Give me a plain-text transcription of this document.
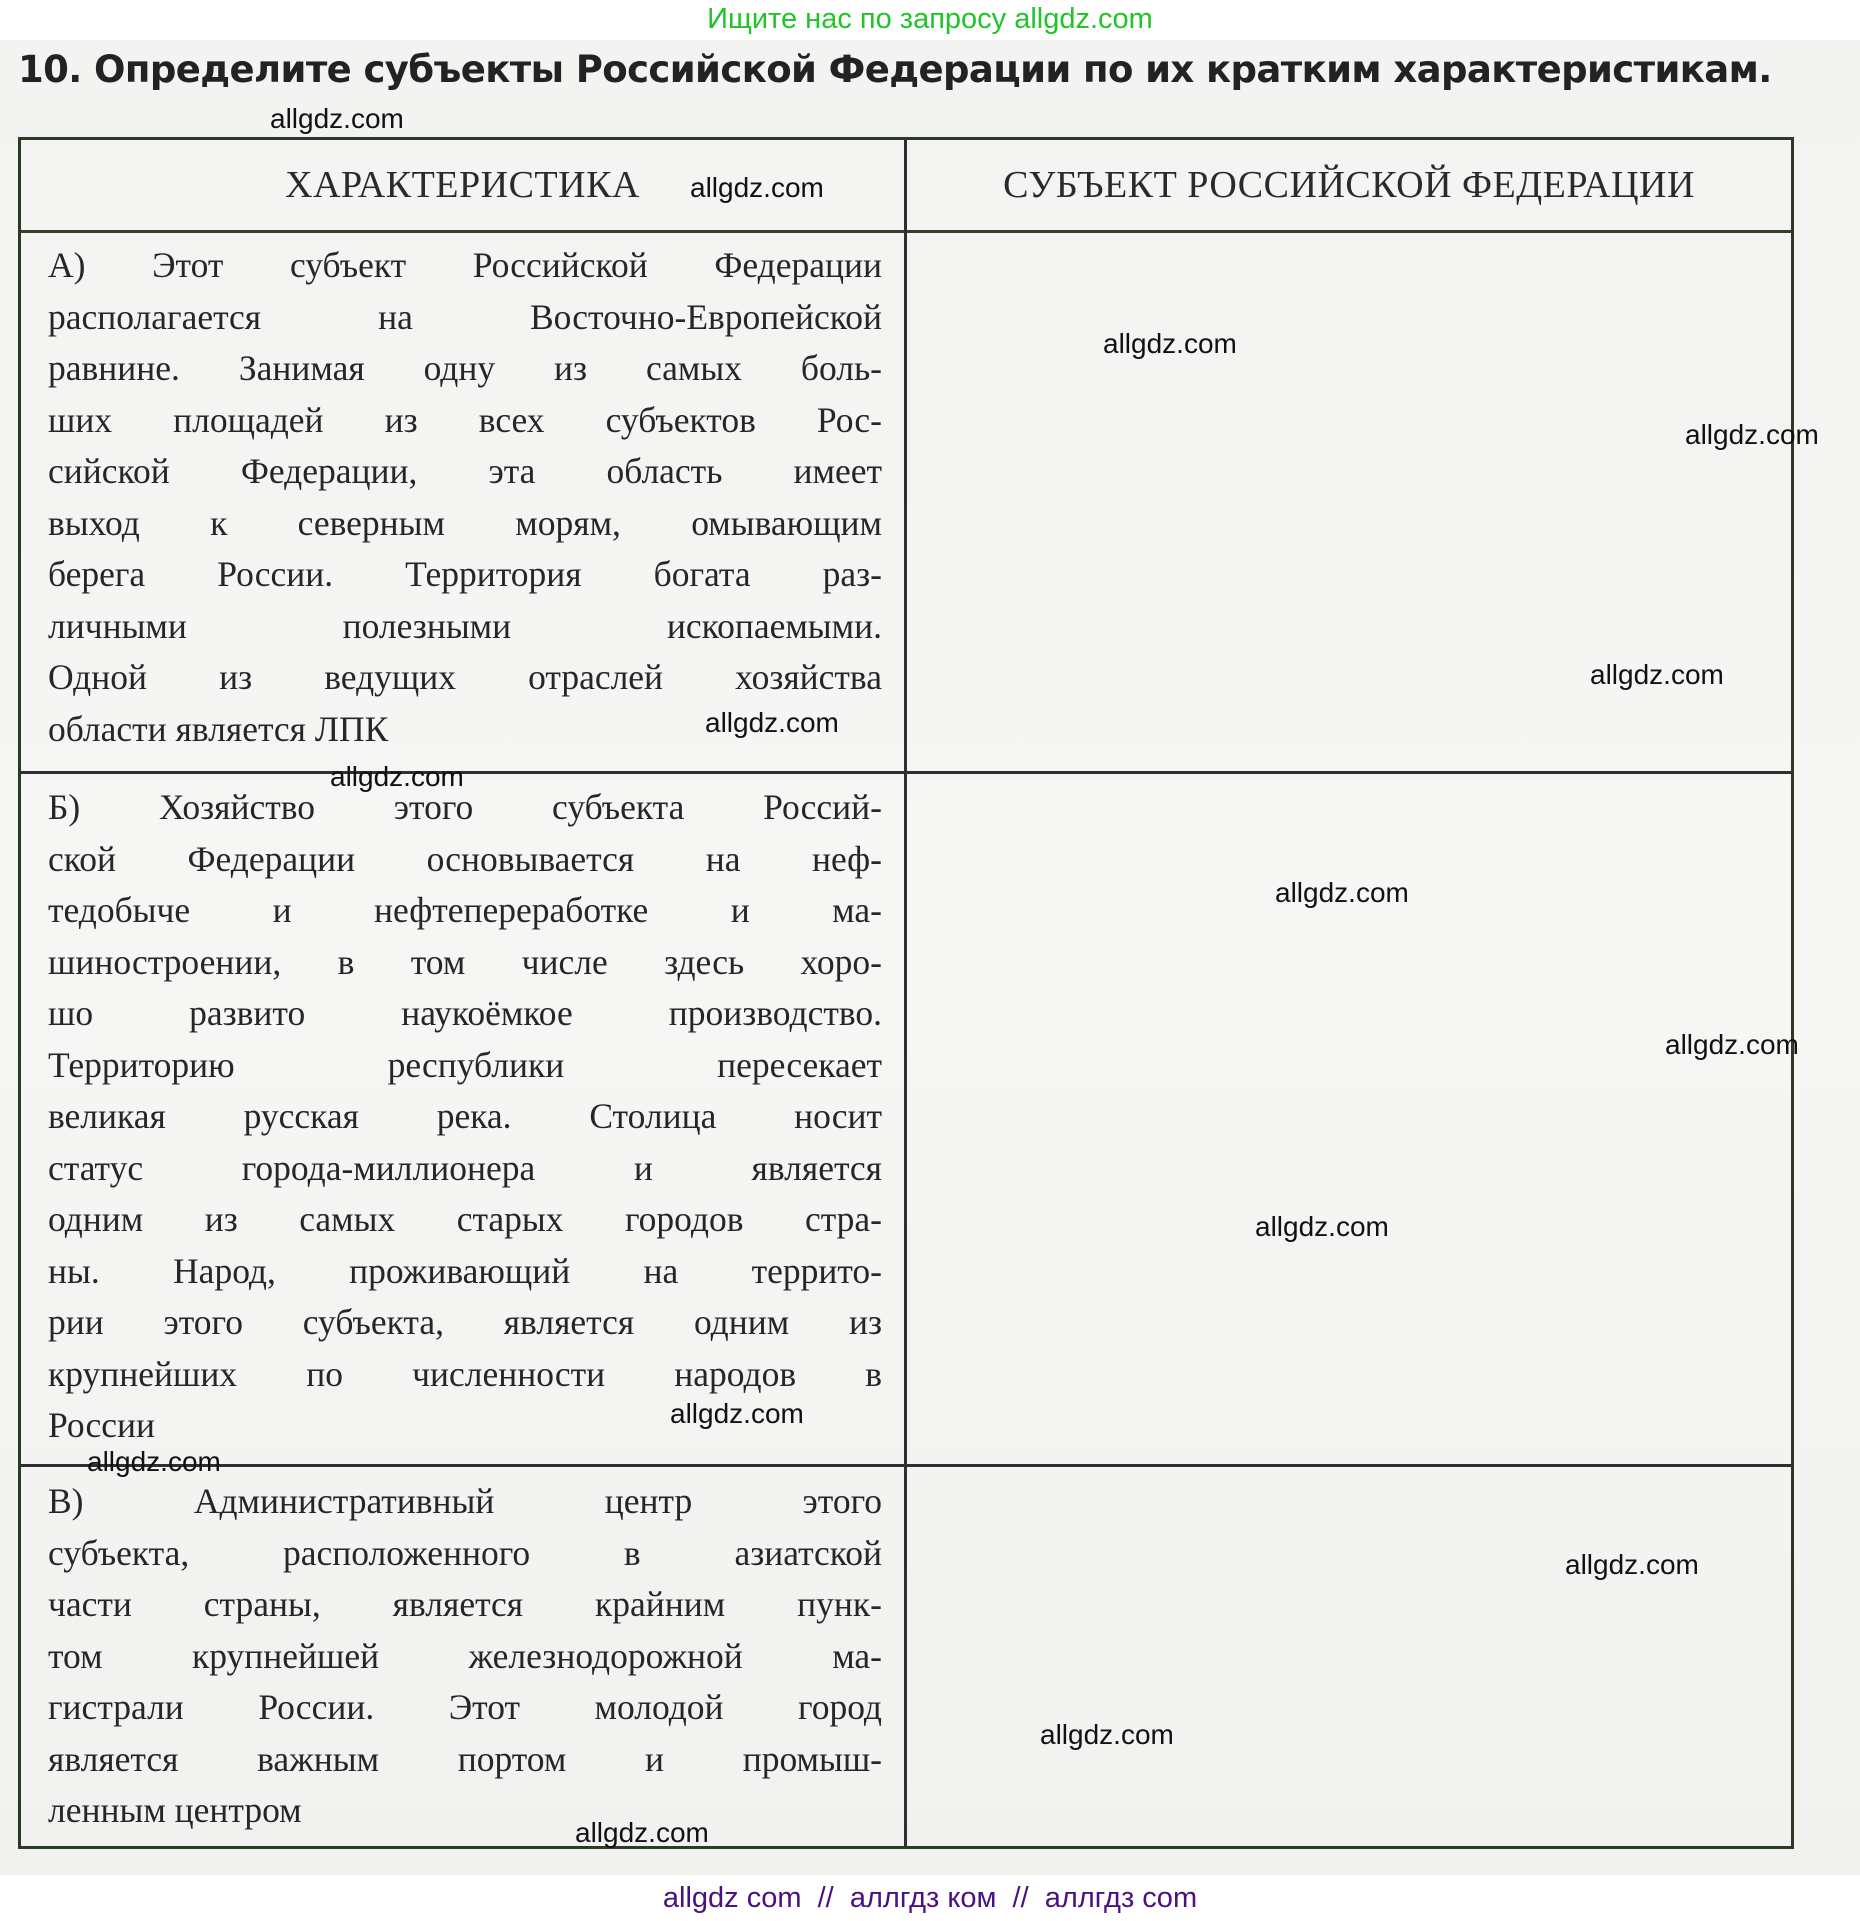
Ищите нас по запросу allgdz.com
10. Определите субъекты Российской Федерации по их кратким характеристикам.
ХАРАКТЕРИСТИКА	СУБЪЕКТ РОССИЙСКОЙ ФЕДЕРАЦИИ
А) Этот субъект Российской Федерации
располагается на Восточно-Европейской
равнине. Занимая одну из самых боль-
ших площадей из всех субъектов Рос-
сийской Федерации, эта область имеет
выход к северным морям, омывающим
берега России. Территория богата раз-
личными полезными ископаемыми.
Одной из ведущих отраслей хозяйства
области является ЛПК
Б) Хозяйство этого субъекта Россий-
ской Федерации основывается на неф-
тедобыче и нефтепереработке и ма-
шиностроении, в том числе здесь хоро-
шо развито наукоёмкое производство.
Территорию республики пересекает
великая русская река. Столица носит
статус города-миллионера и является
одним из самых старых городов стра-
ны. Народ, проживающий на террито-
рии этого субъекта, является одним из
крупнейших по численности народов в
России
В) Административный центр этого
субъекта, расположенного в азиатской
части страны, является крайним пунк-
том крупнейшей железнодорожной ма-
гистрали России. Этот молодой город
является важным портом и промыш-
ленным центром
allgdz.com
allgdz.com
allgdz.com
allgdz.com
allgdz.com
allgdz.com
allgdz.com
allgdz.com
allgdz.com
allgdz.com
allgdz.com
allgdz.com
allgdz.com
allgdz.com
allgdz.com
allgdz com  //  аллгдз ком  //  аллгдз com
